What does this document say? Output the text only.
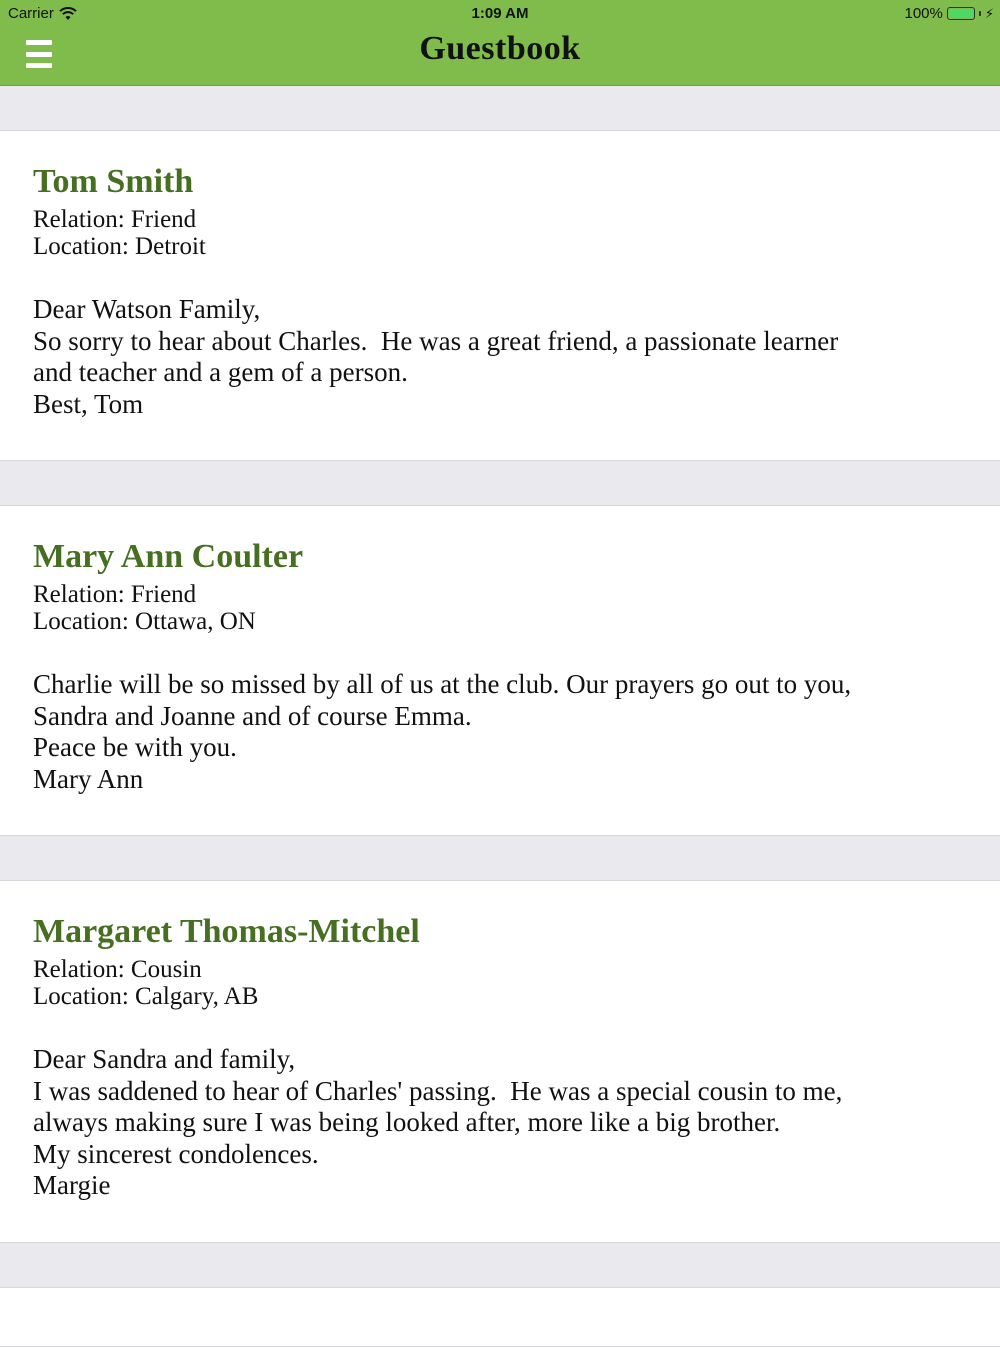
Carrier	1:09 AM	100%	⚡
Guestbook
Tom Smith
Relation: Friend
Location: Detroit
Dear Watson Family,
So sorry to hear about Charles.  He was a great friend, a passionate learner
and teacher and a gem of a person.
Best, Tom
Mary Ann Coulter
Relation: Friend
Location: Ottawa, ON
Charlie will be so missed by all of us at the club. Our prayers go out to you,
Sandra and Joanne and of course Emma.
Peace be with you.
Mary Ann
Margaret Thomas-Mitchel
Relation: Cousin
Location: Calgary, AB
Dear Sandra and family,
I was saddened to hear of Charles' passing.  He was a special cousin to me,
always making sure I was being looked after, more like a big brother.
My sincerest condolences.
Margie
